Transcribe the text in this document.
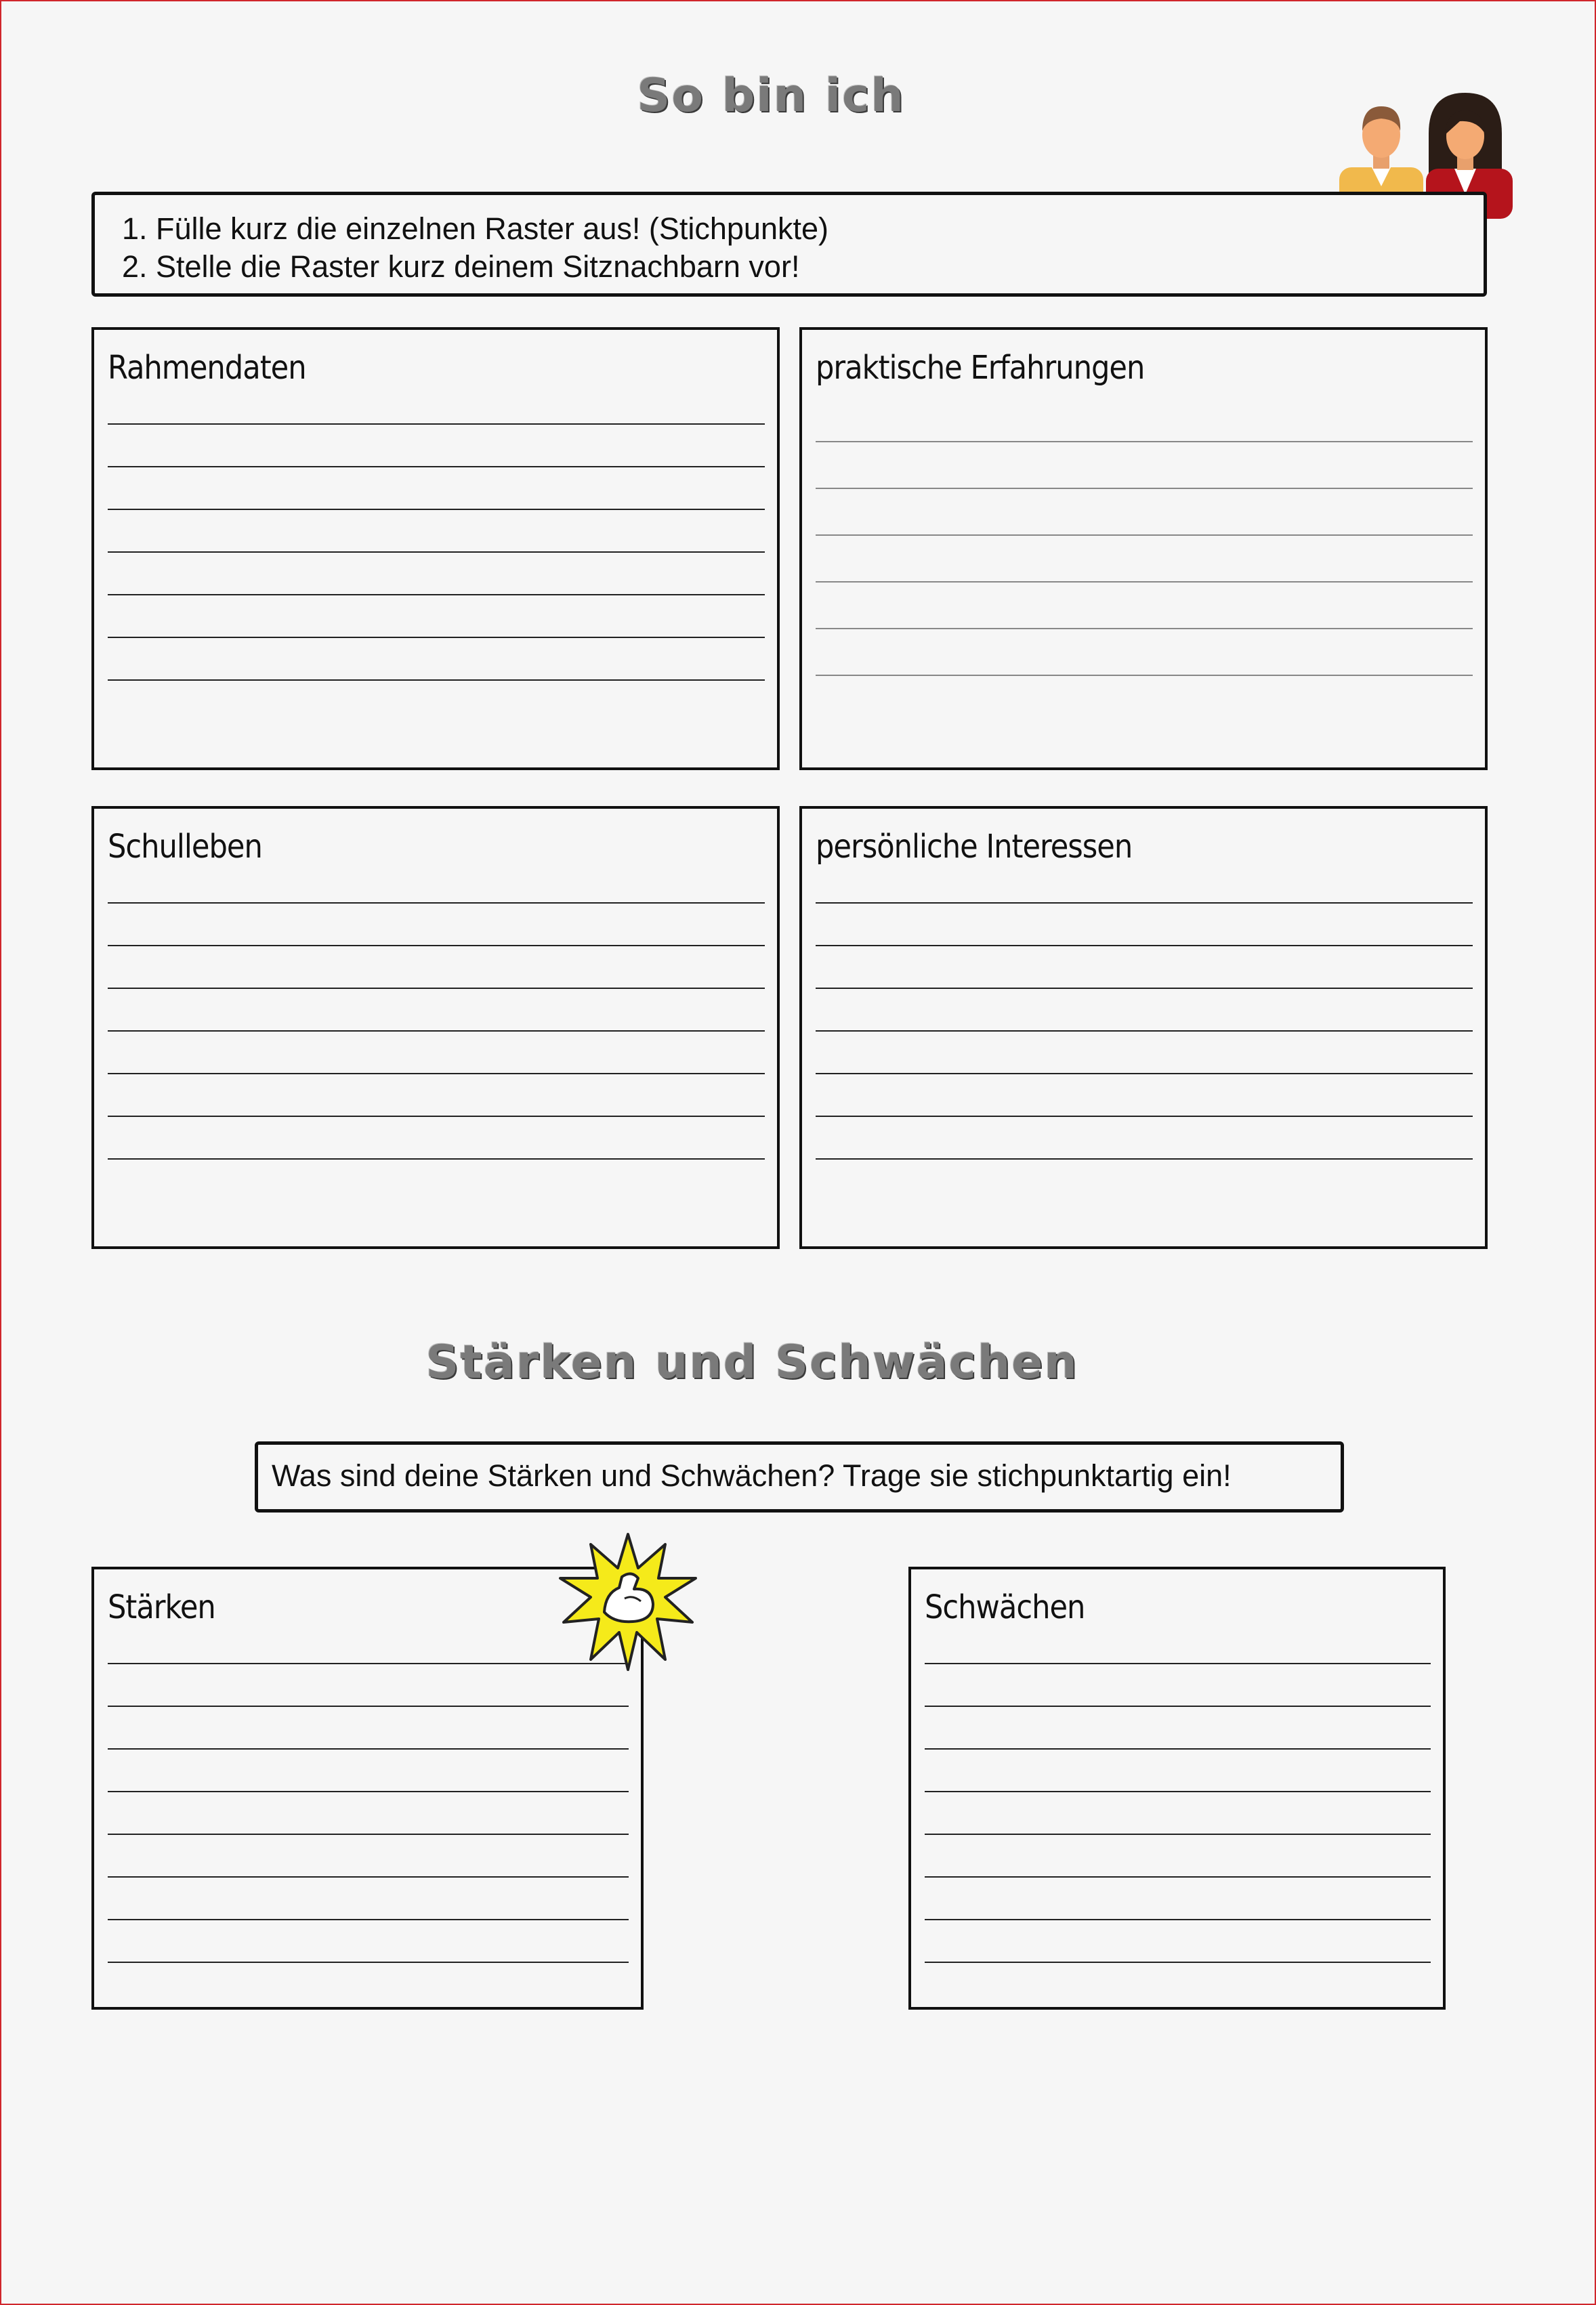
So bin ich
1. Fülle kurz die einzelnen Raster aus! (Stichpunkte)
2. Stelle die Raster kurz deinem Sitznachbarn vor!
Rahmendaten	praktische Erfahrungen
Schulleben	persönliche Interessen
Stärken und Schwächen
Was sind deine Stärken und Schwächen? Trage sie stichpunktartig ein!
Stärken	Schwächen
